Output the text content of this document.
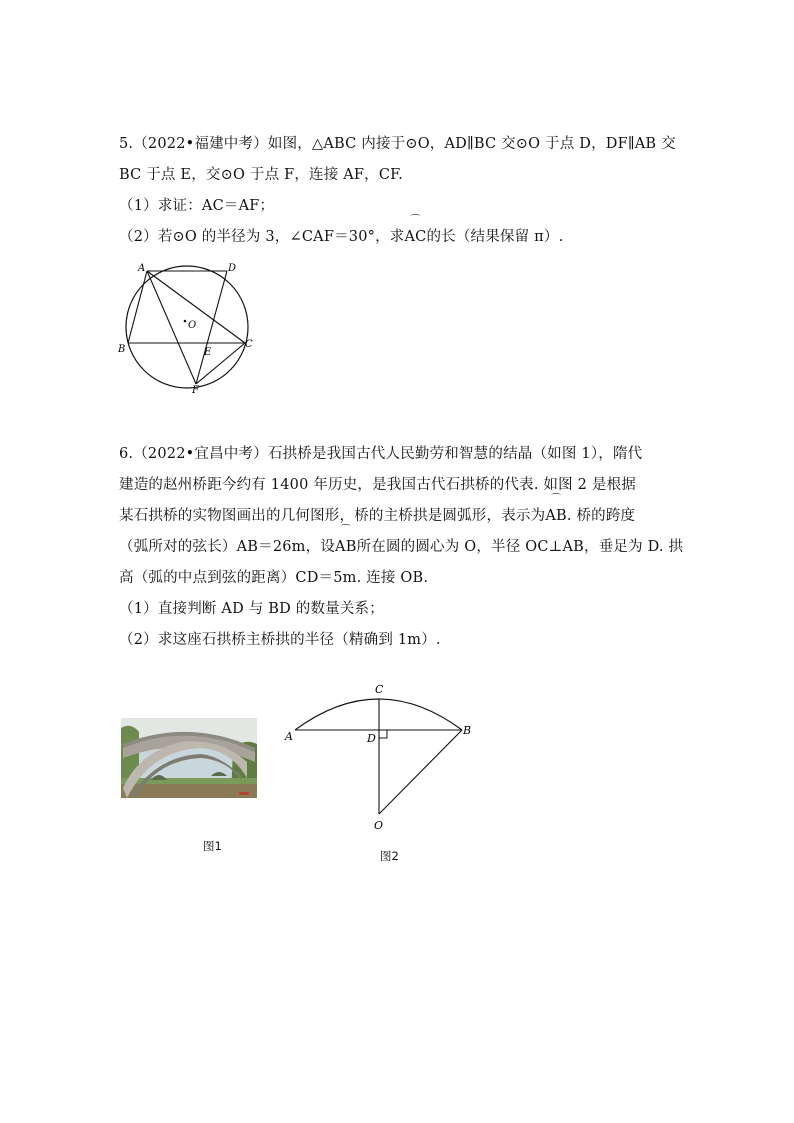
5.（2022•福建中考）如图，△ABC 内接于⊙O，AD∥BC 交⊙O 于点 D，DF∥AB 交
BC 于点 E，交⊙O 于点 F，连接 AF，CF.
（1）求证：AC＝AF；
（2）若⊙O 的半径为 3，∠CAF＝30°，求⌒ AC的长（结果保留 π）.
A	D
O
B	E
C
F
6.（2022•宜昌中考）石拱桥是我国古代人民勤劳和智慧的结晶（如图 1），隋代
建造的赵州桥距今约有 1400 年历史，是我国古代石拱桥的代表. 如图 2 是根据
某石拱桥的实物图画出的几何图形，桥的主桥拱是圆弧形，表示为⌒ AB. 桥的跨度
（弧所对的弦长）AB＝26m，设⌒ AB所在圆的圆心为 O，半径 OC⊥AB，垂足为 D. 拱
高（弧的中点到弦的距离）CD＝5m. 连接 OB.
（1）直接判断 AD 与 BD 的数量关系；
（2）求这座石拱桥主桥拱的半径（精确到 1m）.
图1
C
A	D
B
O
图2
